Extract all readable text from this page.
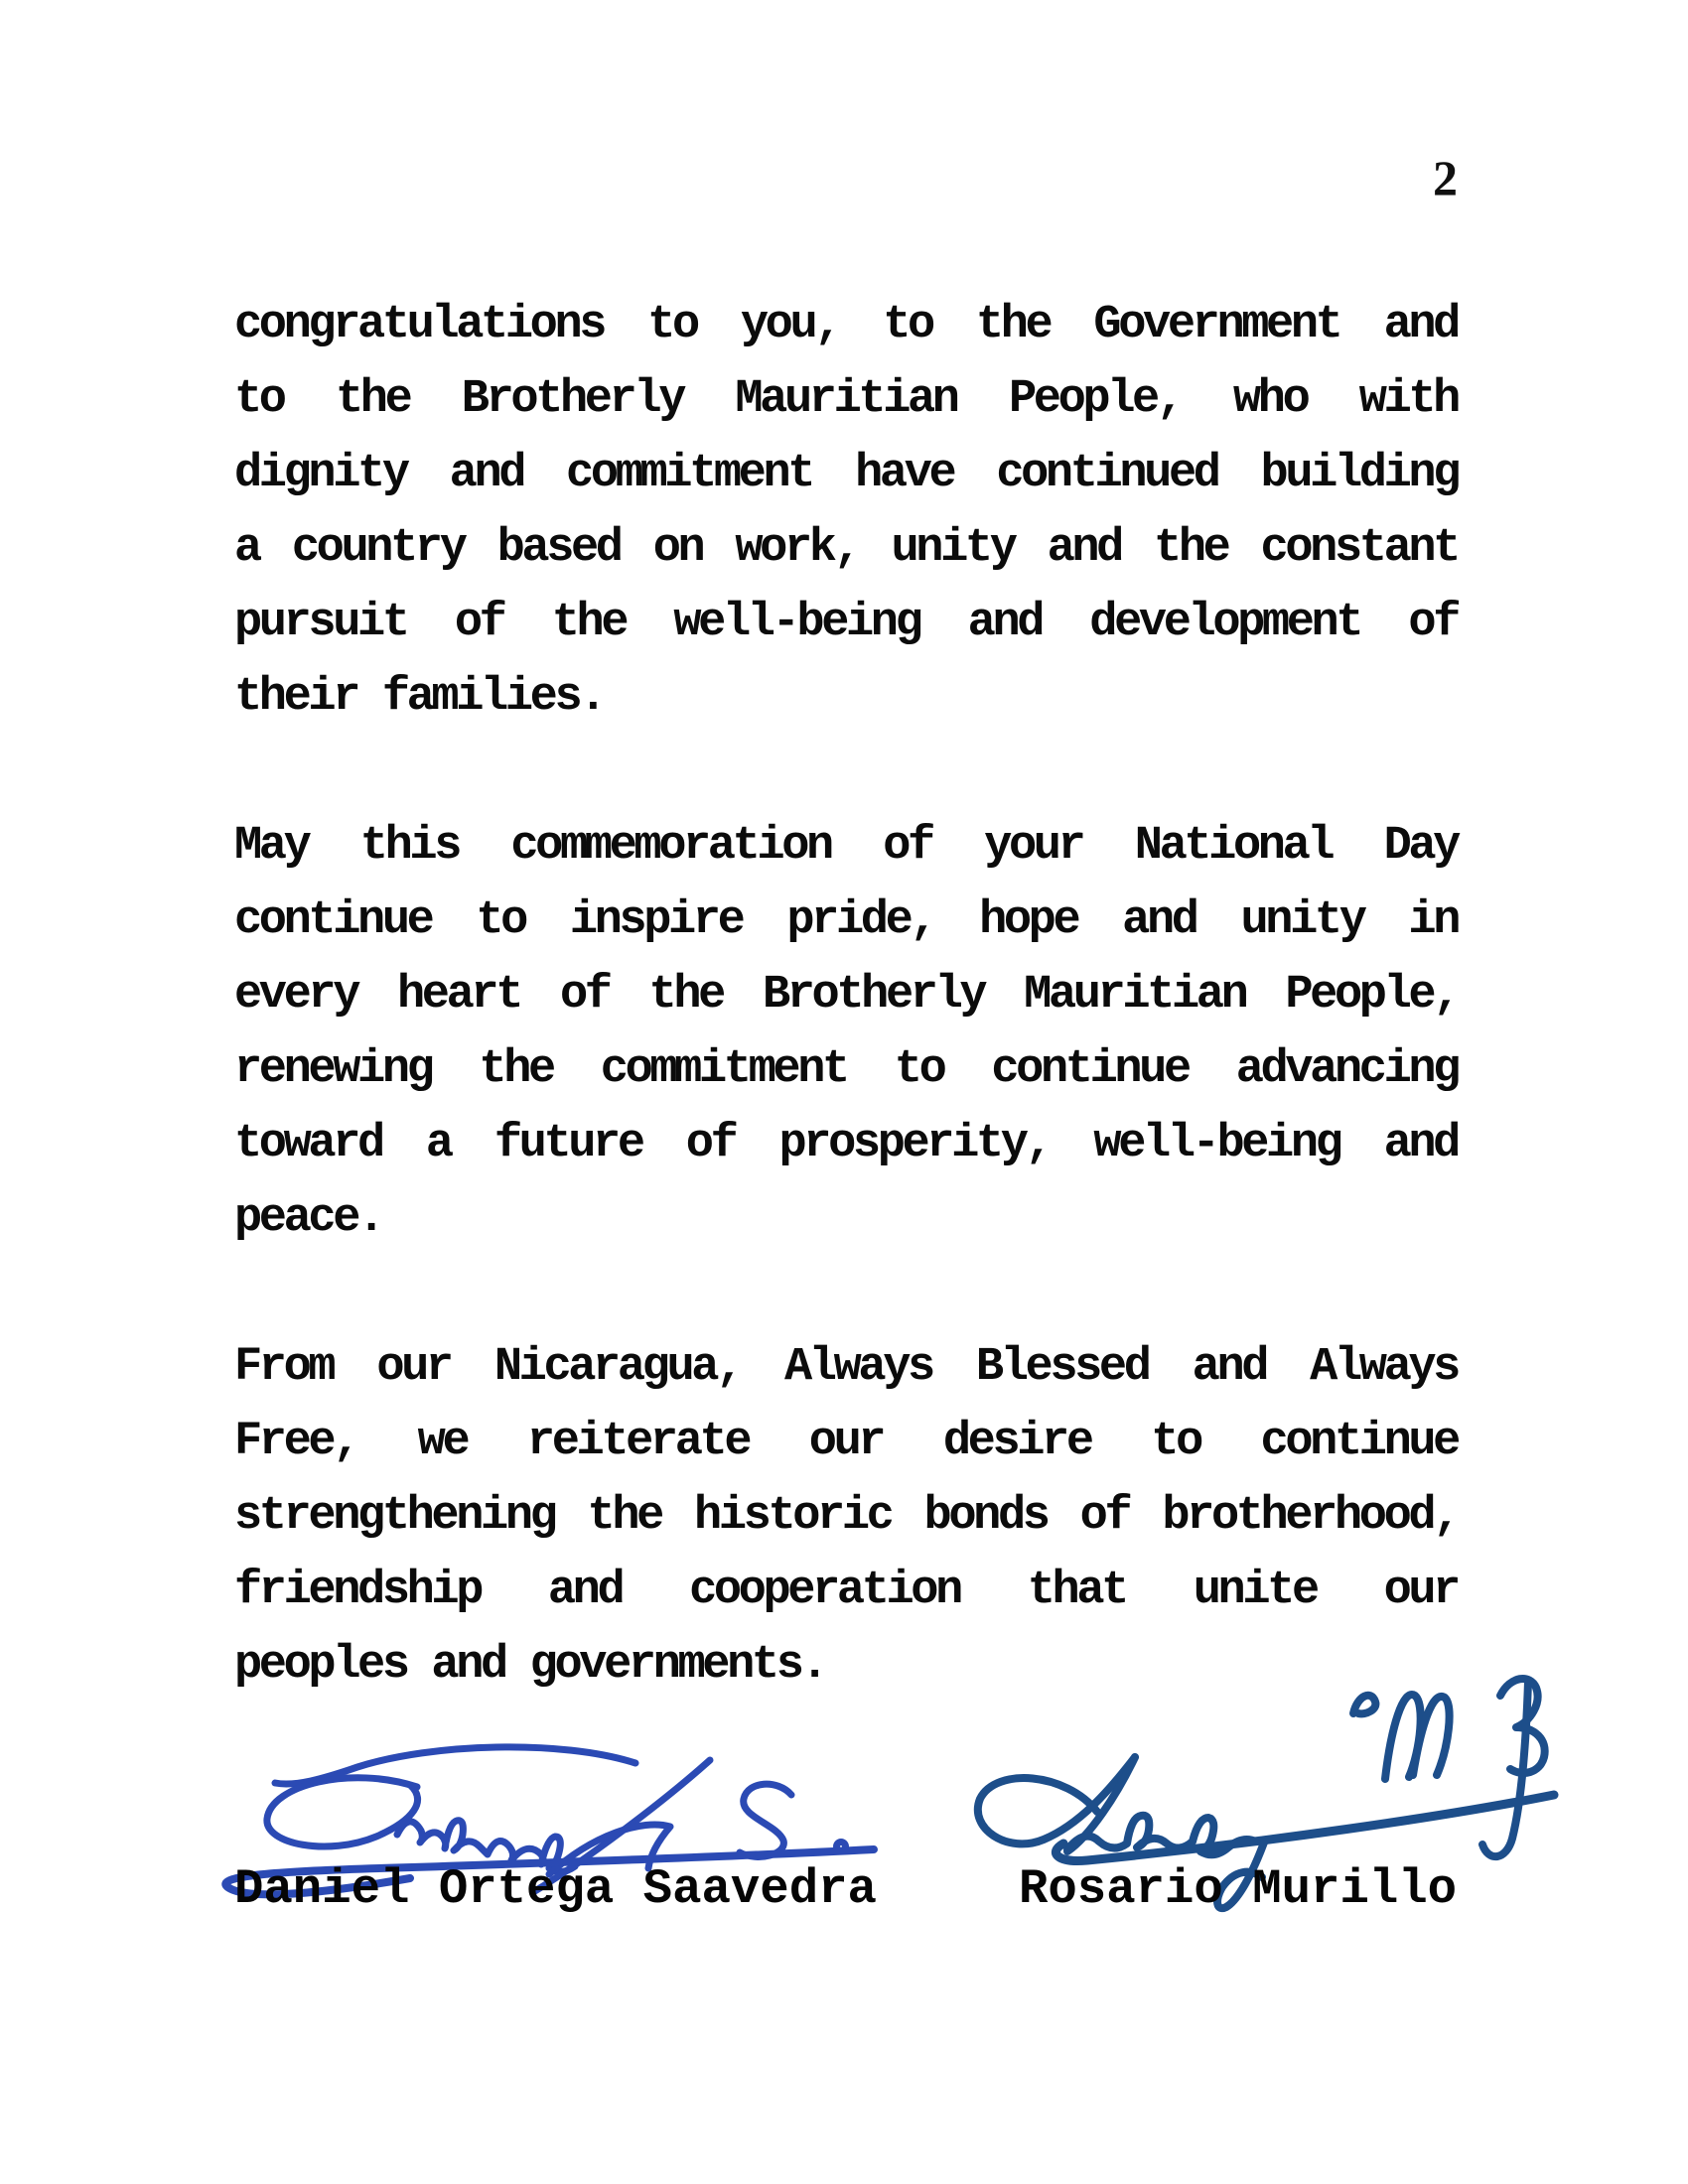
2
congratulations to you, to the Government and
to the Brotherly Mauritian People, who with
dignity and commitment have continued building
a country based on work, unity and the constant
pursuit of the well-being and development of
their families.
May this commemoration of your National Day
continue to inspire pride, hope and unity in
every heart of the Brotherly Mauritian People,
renewing the commitment to continue advancing
toward a future of prosperity, well-being and
peace.
From our Nicaragua, Always Blessed and Always
Free, we reiterate our desire to continue
strengthening the historic bonds of brotherhood,
friendship and cooperation that unite our
peoples and governments.
Daniel Ortega Saavedra	Rosario Murillo
